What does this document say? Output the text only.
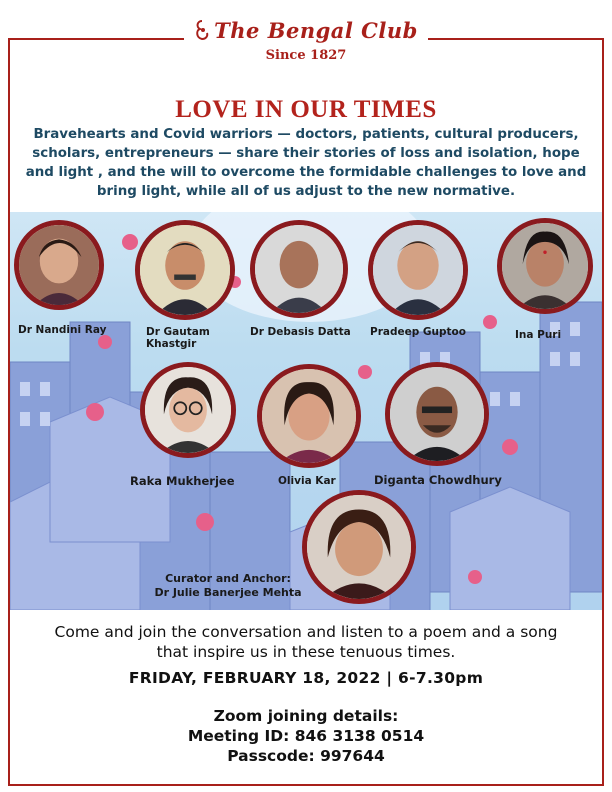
The Bengal Club
Since 1827
LOVE IN OUR TIMES
Bravehearts and Covid warriors — doctors, patients, cultural producers, scholars, entrepreneurs — share their stories of loss and isolation, hope and light , and the will to overcome the formidable challenges to love and bring light, while all of us adjust to the new normative.
Dr Nandini Ray	Dr Gautam
Khastgir
Dr Debasis Datta Pradeep Guptoo	Ina Puri
Raka Mukherjee	Olivia Kar	Diganta Chowdhury
Curator and Anchor:
Dr Julie Banerjee Mehta
Come and join the conversation and listen to a poem and a song
that inspire us in these tenuous times.
FRIDAY, FEBRUARY 18, 2022 | 6-7.30pm
Zoom joining details:
Meeting ID: 846 3138 0514
Passcode: 997644
